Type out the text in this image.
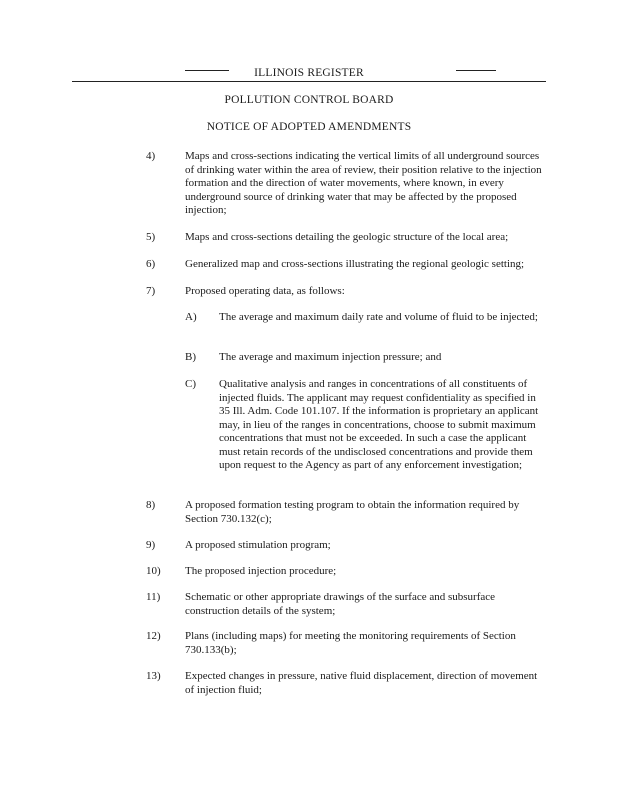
ILLINOIS REGISTER
POLLUTION CONTROL BOARD
NOTICE OF ADOPTED AMENDMENTS
4)	Maps and cross-sections indicating the vertical limits of all underground sources of drinking water within the area of review, their position relative to the injection formation and the direction of water movements, where known, in every underground source of drinking water that may be affected by the proposed injection;
5)	Maps and cross-sections detailing the geologic structure of the local area;
6)	Generalized map and cross-sections illustrating the regional geologic setting;
7)	Proposed operating data, as follows:
A) The average and maximum daily rate and volume of fluid to be injected;
B) The average and maximum injection pressure; and
C) Qualitative analysis and ranges in concentrations of all constituents of injected fluids. The applicant may request confidentiality as specified in 35 Ill. Adm. Code 101.107. If the information is proprietary an applicant may, in lieu of the ranges in concentrations, choose to submit maximum concentrations that must not be exceeded. In such a case the applicant must retain records of the undisclosed concentrations and provide them upon request to the Agency as part of any enforcement investigation;
8)	A proposed formation testing program to obtain the information required by Section 730.132(c);
9)	A proposed stimulation program;
10) The proposed injection procedure;
11) Schematic or other appropriate drawings of the surface and subsurface construction details of the system;
12) Plans (including maps) for meeting the monitoring requirements of Section 730.133(b);
13) Expected changes in pressure, native fluid displacement, direction of movement of injection fluid;
